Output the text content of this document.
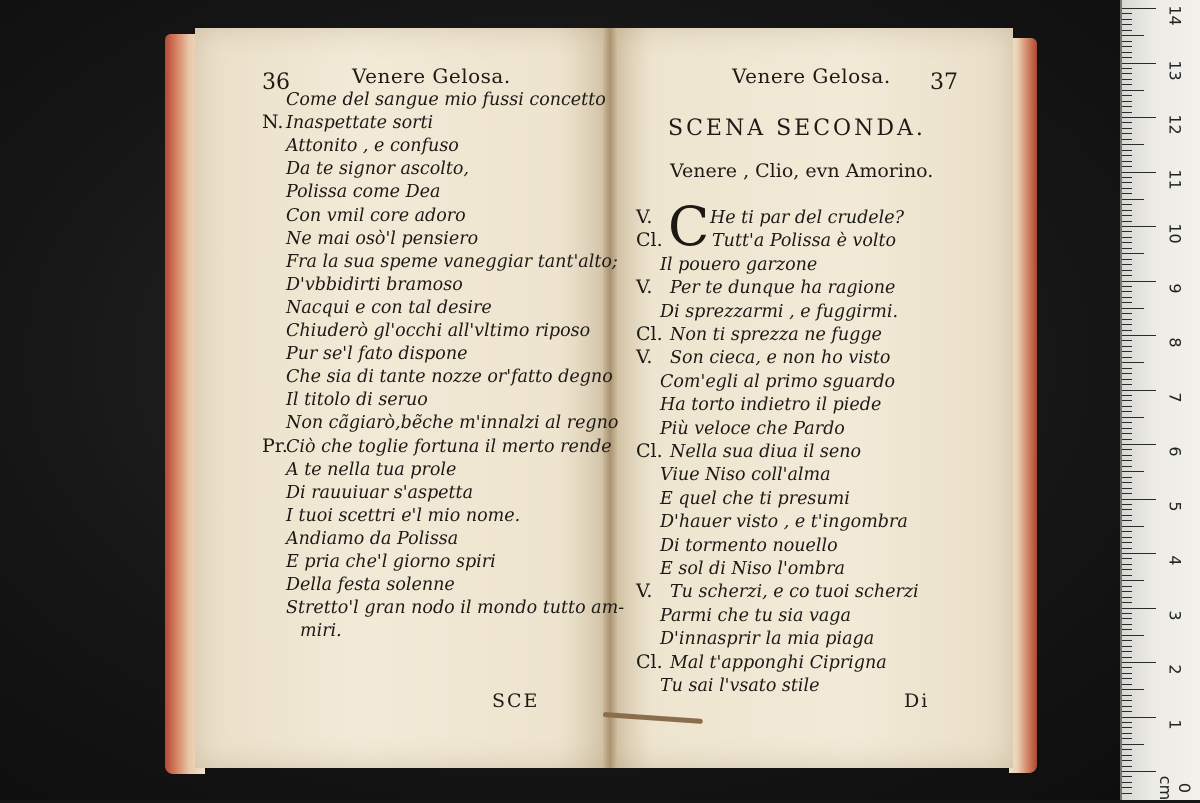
36	Venere Gelosa.
Come del sangue mio fussi concetto
N. Inaspettate sorti
Attonito , e confuso
Da te signor ascolto,
Polissa come Dea
Con vmil core adoro
Ne mai osò'l pensiero
Fra la sua speme vaneggiar tant'alto;
D'vbbidirti bramoso
Nacqui e con tal desire
Chiuderò gl'occhi all'vltimo riposo
Pur se'l fato dispone
Che sia di tante nozze or'fatto degno
Il titolo di seruo
Non cãgiarò,bẽche m'innalzi al regno
Pr.
Ciò che toglie fortuna il merto rende
A te nella tua prole
Di rauuiuar s'aspetta
I tuoi scettri e'l mio nome.
Andiamo da Polissa
E pria che'l giorno spiri
Della festa solenne
Stretto'l gran nodo il mondo tutto am-
miri.
SCE
Venere Gelosa. 37
SCENA SECONDA.
Venere , Clio, evn Amorino.
C
V.	He ti par del crudele?
Cl.	Tutt'a Polissa è volto
Il pouero garzone
V. Per te dunque ha ragione
Di sprezzarmi , e fuggirmi.
Cl. Non ti sprezza ne fugge
V. Son cieca, e non ho visto
Com'egli al primo sguardo
Ha torto indietro il piede
Più veloce che Pardo
Cl. Nella sua diua il seno
Viue Niso coll'alma
E quel che ti presumi
D'hauer visto , e t'ingombra
Di tormento nouello
E sol di Niso l'ombra
V. Tu scherzi, e co tuoi scherzi
Parmi che tu sia vaga
D'innasprir la mia piaga
Cl. Mal t'apponghi Ciprigna
Tu sai l'vsato stile
Di
14
13
12
11
10
9
8
7
6
5
4
3
2
1
0 cm
